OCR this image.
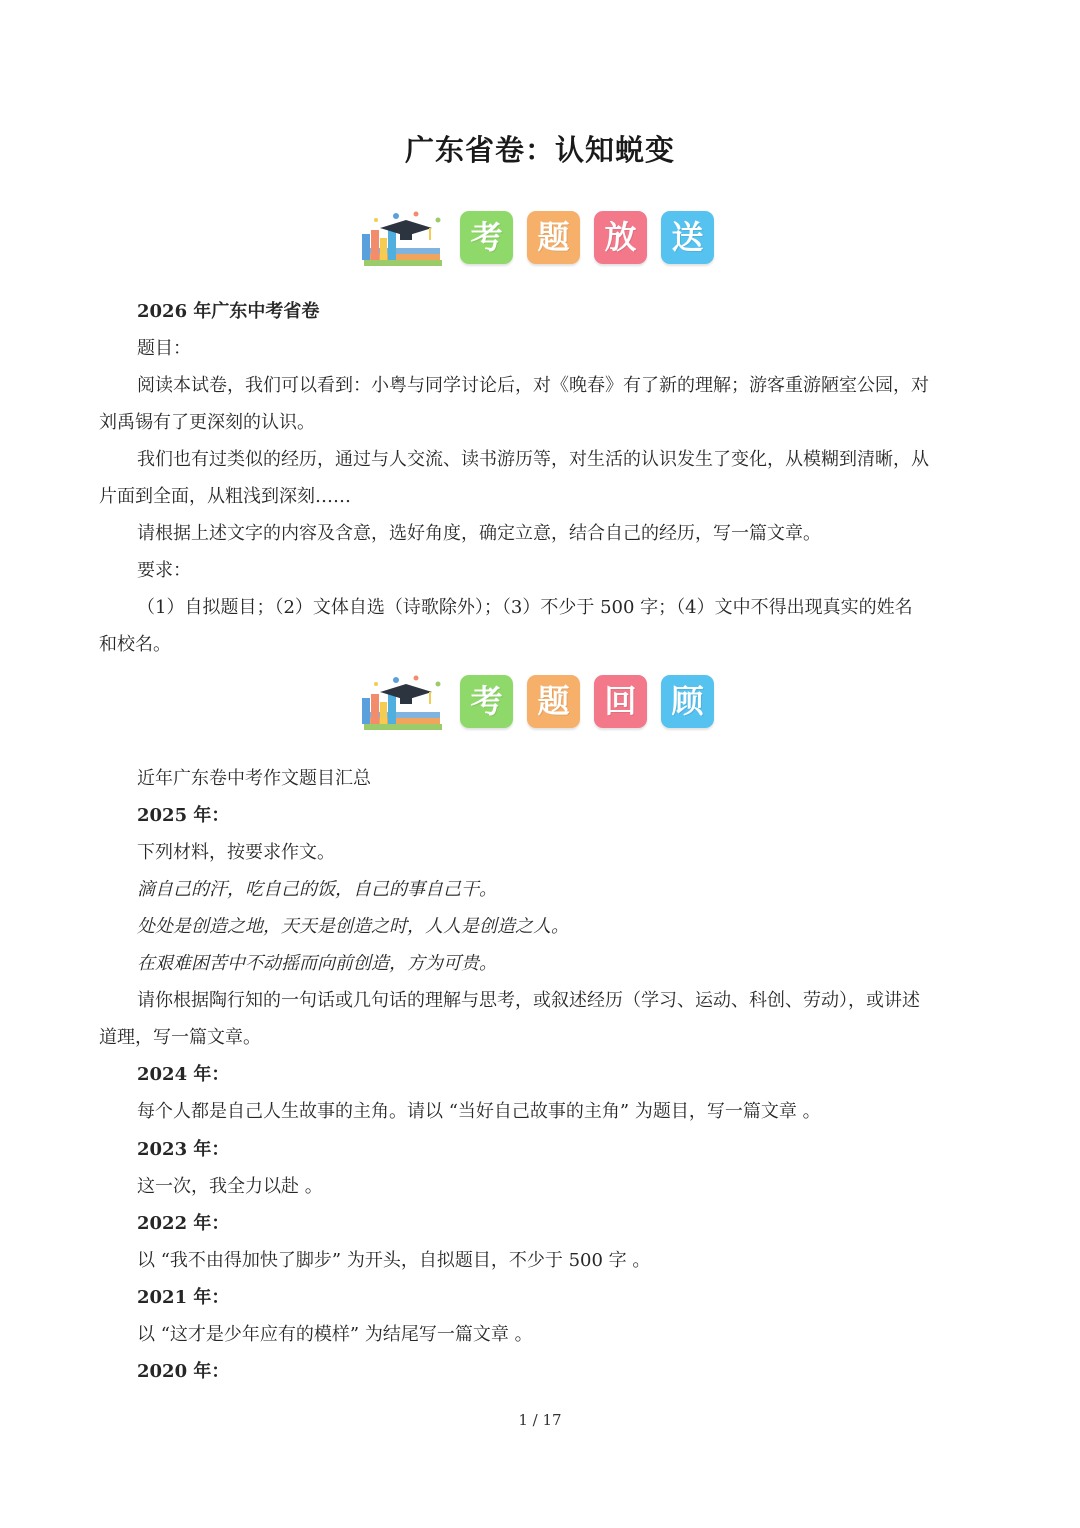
广东省卷：认知蜕变
考	题	放	送
2026 年广东中考省卷
题目：
阅读本试卷，我们可以看到：小粤与同学讨论后，对《晚春》有了新的理解；游客重游陋室公园，对
刘禹锡有了更深刻的认识。
我们也有过类似的经历，通过与人交流、读书游历等，对生活的认识发生了变化，从模糊到清晰，从
片面到全面，从粗浅到深刻……
请根据上述文字的内容及含意，选好角度，确定立意，结合自己的经历，写一篇文章。
要求：
（1）自拟题目；（2）文体自选（诗歌除外）；（3）不少于 500 字；（4）文中不得出现真实的姓名
和校名。
考	题	回	顾
近年广东卷中考作文题目汇总
2025 年：
下列材料，按要求作文。
滴自己的汗，吃自己的饭，自己的事自己干。
处处是创造之地，天天是创造之时，人人是创造之人。
在艰难困苦中不动摇而向前创造，方为可贵。
请你根据陶行知的一句话或几句话的理解与思考，或叙述经历（学习、运动、科创、劳动），或讲述
道理，写一篇文章。
2024 年：
每个人都是自己人生故事的主角。请以 “当好自己故事的主角” 为题目，写一篇文章 。
2023 年：
这一次，我全力以赴 。
2022 年：
以 “我不由得加快了脚步” 为开头，自拟题目，不少于 500 字 。
2021 年：
以 “这才是少年应有的模样” 为结尾写一篇文章 。
2020 年：
1 / 17
